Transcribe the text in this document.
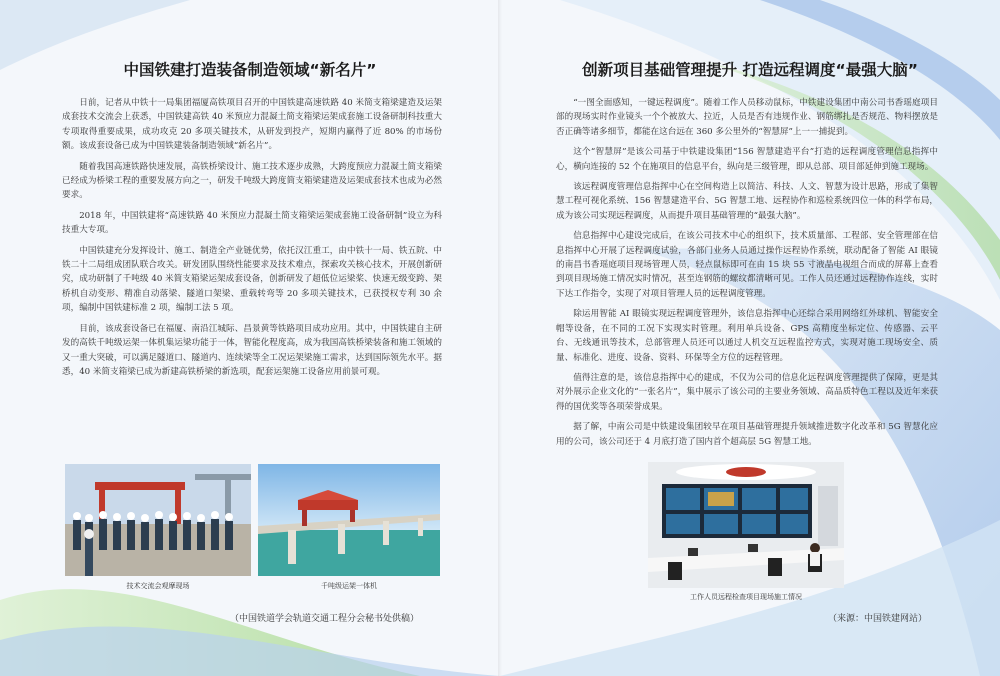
中国铁建打造装备制造领域“新名片”

日前，记者从中铁十一局集团福厦高铁项目召开的中国铁建高速铁路 40 米简支箱梁建造及运架成套技术交流会上获悉，中国铁建高铁 40 米预应力混凝土简支箱梁运架成套施工设备研制科技重大专项取得重要成果，成功攻克 20 多项关键技术，从研发到投产，短期内赢得了近 80% 的市场份额。该成套设备已成为中国铁建装备制造领域“新名片”。

随着我国高速铁路快速发展，高铁桥梁设计、施工技术逐步成熟，大跨度预应力混凝土简支箱梁已经成为桥梁工程的重要发展方向之一，研发千吨级大跨度简支箱梁建造及运架成套技术也成为必然要求。

2018 年，中国铁建将“高速铁路 40 米预应力混凝土简支箱梁运架成套施工设备研制”设立为科技重大专项。

中国铁建充分发挥设计、施工、制造全产业链优势，依托汉江重工，由中铁十一局、铁五院、中铁二十二局组成团队联合攻关。研发团队围绕性能要求及技术难点，探索攻关核心技术，开展创新研究，成功研制了千吨级 40 米简支箱梁运架成套设备，创新研发了超低位运梁桨、快速无级变跨、架桥机自动变形、精准自动落梁、隧道口架梁、重载转弯等 20 多项关键技术，已获授权专利 30 余项，编制中国铁建标准 2 项，编制工法 5 项。

目前，该成套设备已在福厦、南沿江城际、昌景黄等铁路项目成功应用。其中，中国铁建自主研发的高铁千吨级运架一体机集运梁功能于一体，智能化程度高，成为我国高铁桥梁装备和施工领域的又一重大突破，可以满足隧道口、隧道内、连续梁等全工况运架梁施工需求，达到国际领先水平。据悉，40 米简支箱梁已成为新建高铁桥梁的新选项，配套运架施工设备应用前景可观。

技术交流会观摩现场	千吨级运架一体机
（中国铁道学会轨道交通工程分会秘书处供稿）
创新项目基础管理提升 打造远程调度“最强大脑”

“一图全面感知，一键远程调度”。随着工作人员移动鼠标，中铁建设集团中南公司书香瑶庭项目部的现场实时作业镜头一个个被放大、拉近，人员是否有违规作业、钢筋绑扎是否规范、物料摆放是否正确等诸多细节，都能在这台远在 360 多公里外的“智慧屏”上一一捕捉到。

这个“智慧屏”是该公司基于中铁建设集团“156 智慧建造平台”打造的远程调度管理信息指挥中心，横向连接的 52 个在施项目的信息平台，纵向是三级管理，即从总部、项目部延伸到施工现场。

该远程调度管理信息指挥中心在空间构造上以简洁、科技、人文、智慧为设计思路，形成了集智慧工程可视化系统、156 智慧建造平台、5G 智慧工地、远程协作和巡检系统四位一体的科学布局，成为该公司实现远程调度，从而提升项目基础管理的“最强大脑”。

信息指挥中心建设完成后，在该公司技术中心的组织下，技术质量部、工程部、安全管理部在信息指挥中心开展了远程调度试验，各部门业务人员通过操作远程协作系统，联动配备了智能 AI 眼镜的南昌书香瑶庭项目现场管理人员，轻点鼠标即可在由 15 块 55 寸液晶电视组合而成的屏幕上查看到项目现场施工情况实时情况，甚至连钢筋的螺纹都清晰可见。工作人员还通过远程协作连线，实时下达工作指令，实现了对项目管理人员的远程调度管理。

除运用智能 AI 眼镜实现远程调度管理外，该信息指挥中心还综合采用网络红外球机、智能安全帽等设备，在不同的工况下实现实时管理。利用单兵设备、GPS 高精度坐标定位、传感器、云平台、无线通讯等技术，总部管理人员还可以通过人机交互远程监控方式，实现对施工现场安全、质量、标准化、进度、设备、资料、环保等全方位的远程管理。

值得注意的是，该信息指挥中心的建成，不仅为公司的信息化远程调度管理提供了保障，更是其对外展示企业文化的“一张名片”，集中展示了该公司的主要业务领域、高品质特色工程以及近年来获得的国优奖等各项荣誉成果。

据了解，中南公司是中铁建设集团较早在项目基础管理提升领域推进数字化改革和 5G 智慧化应用的公司，该公司还于 4 月底打造了国内首个超高层 5G 智慧工地。

工作人员远程检查项目现场施工情况
（来源：中国铁建网站）
